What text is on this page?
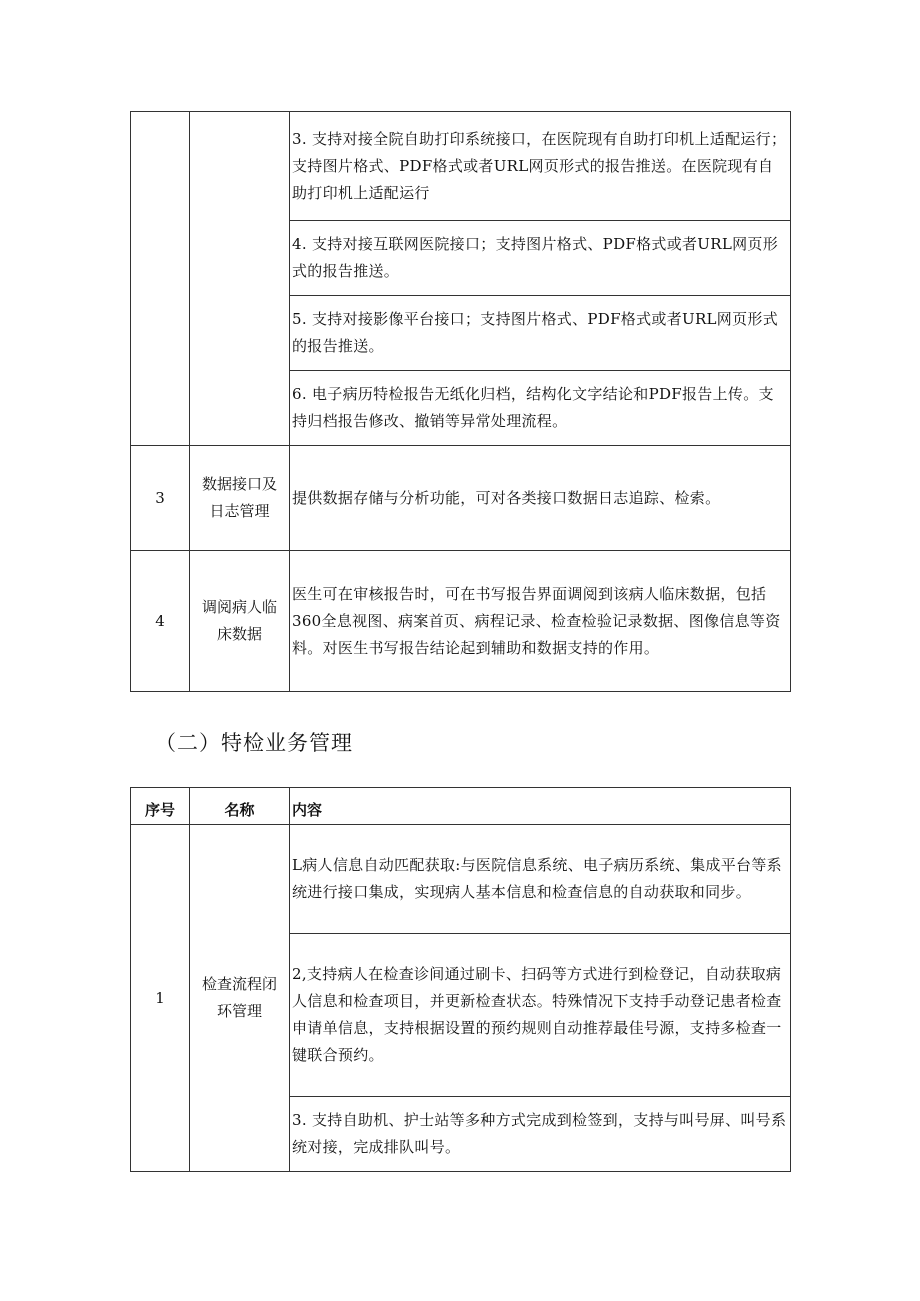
		3. 支持对接全院自助打印系统接口，在医院现有自助打印机上适配运行；支持图片格式、PDF格式或者URL网页形式的报告推送。在医院现有自助打印机上适配运行

		4. 支持对接互联网医院接口；支持图片格式、PDF格式或者URL网页形式的报告推送。

		5. 支持对接影像平台接口；支持图片格式、PDF格式或者URL网页形式的报告推送。

		6. 电子病历特检报告无纸化归档，结构化文字结论和PDF报告上传。支持归档报告修改、撤销等异常处理流程。

3	数据接口及日志管理	提供数据存储与分析功能，可对各类接口数据日志追踪、检索。
4	调阅病人临床数据	医生可在审核报告时，可在书写报告界面调阅到该病人临床数据，包括360全息视图、病案首页、病程记录、检查检验记录数据、图像信息等资料。对医生书写报告结论起到辅助和数据支持的作用。
（二）特检业务管理
序号	名称	内容
1	检查流程闭环管理	L病人信息自动匹配获取:与医院信息系统、电子病历系统、集成平台等系统进行接口集成，实现病人基本信息和检查信息的自动获取和同步。

		2,支持病人在检查诊间通过刷卡、扫码等方式进行到检登记，自动获取病人信息和检查项目，并更新检查状态。特殊情况下支持手动登记患者检查申请单信息，支持根据设置的预约规则自动推荐最佳号源，支持多检查一键联合预约。

		3. 支持自助机、护士站等多种方式完成到检签到，支持与叫号屏、叫号系统对接，完成排队叫号。
